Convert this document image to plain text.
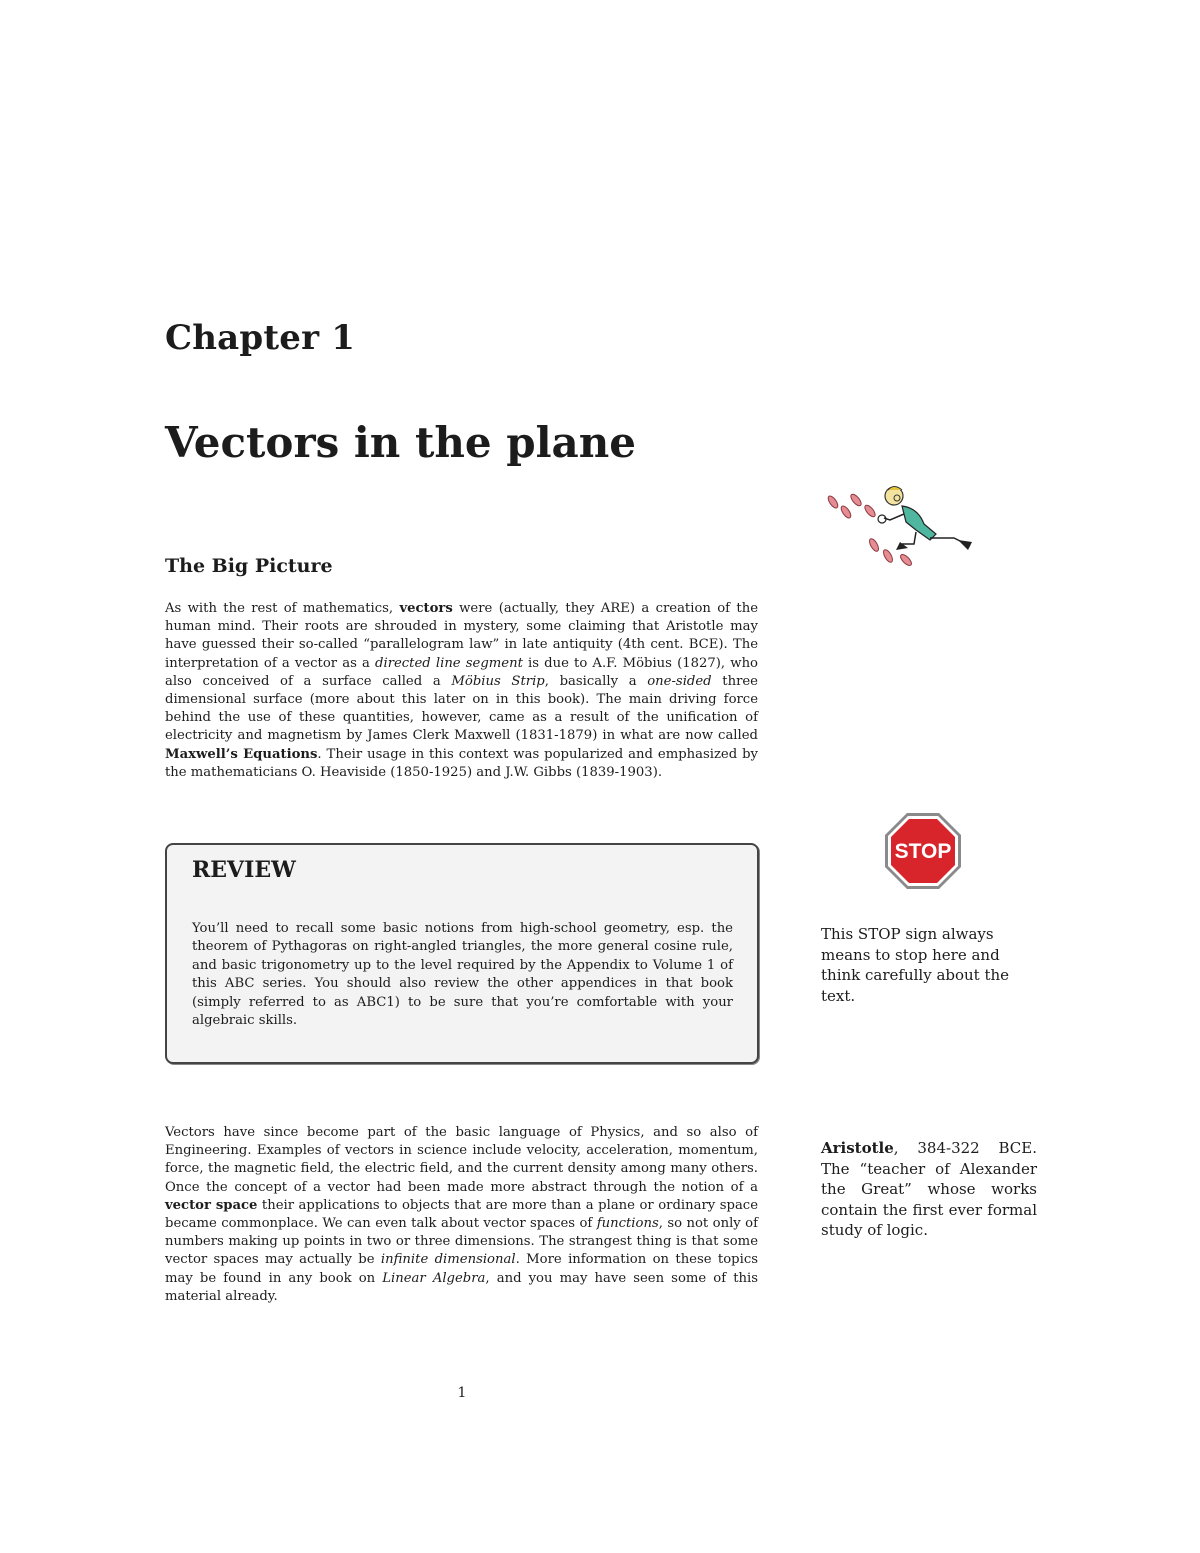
Chapter 1
Vectors in the plane
The Big Picture

As with the rest of mathematics, vectors were (actually, they ARE) a creation of the human mind. Their roots are shrouded in mystery, some claiming that Aristotle may have guessed their so-called “parallelogram law” in late antiquity (4th cent. BCE). The interpretation of a vector as a directed line segment is due to A.F. Möbius (1827), who also conceived of a surface called a Möbius Strip, basically a one-sided three dimensional surface (more about this later on in this book). The main driving force behind the use of these quantities, however, came as a result of the unification of electricity and magnetism by James Clerk Maxwell (1831-1879) in what are now called Maxwell’s Equations. Their usage in this context was popularized and emphasized by the mathematicians O. Heaviside (1850-1925) and J.W. Gibbs (1839-1903).

REVIEW

You’ll need to recall some basic notions from high-school geometry, esp. the theorem of Pythagoras on right-angled triangles, the more general cosine rule, and basic trigonometry up to the level required by the Appendix to Volume 1 of this ABC series. You should also review the other appendices in that book (simply referred to as ABC1) to be sure that you’re comfortable with your algebraic skills.

STOP

This STOP sign always means to stop here and think carefully about the text.

Vectors have since become part of the basic language of Physics, and so also of Engineering. Examples of vectors in science include velocity, acceleration, momentum, force, the magnetic field, the electric field, and the current density among many others. Once the concept of a vector had been made more abstract through the notion of a vector space their applications to objects that are more than a plane or ordinary space became commonplace. We can even talk about vector spaces of functions, so not only of numbers making up points in two or three dimensions. The strangest thing is that some vector spaces may actually be infinite dimensional. More information on these topics may be found in any book on Linear Algebra, and you may have seen some of this material already.

Aristotle, 384-322 BCE. The “teacher of Alexander the Great” whose works contain the first ever formal study of logic.

1
